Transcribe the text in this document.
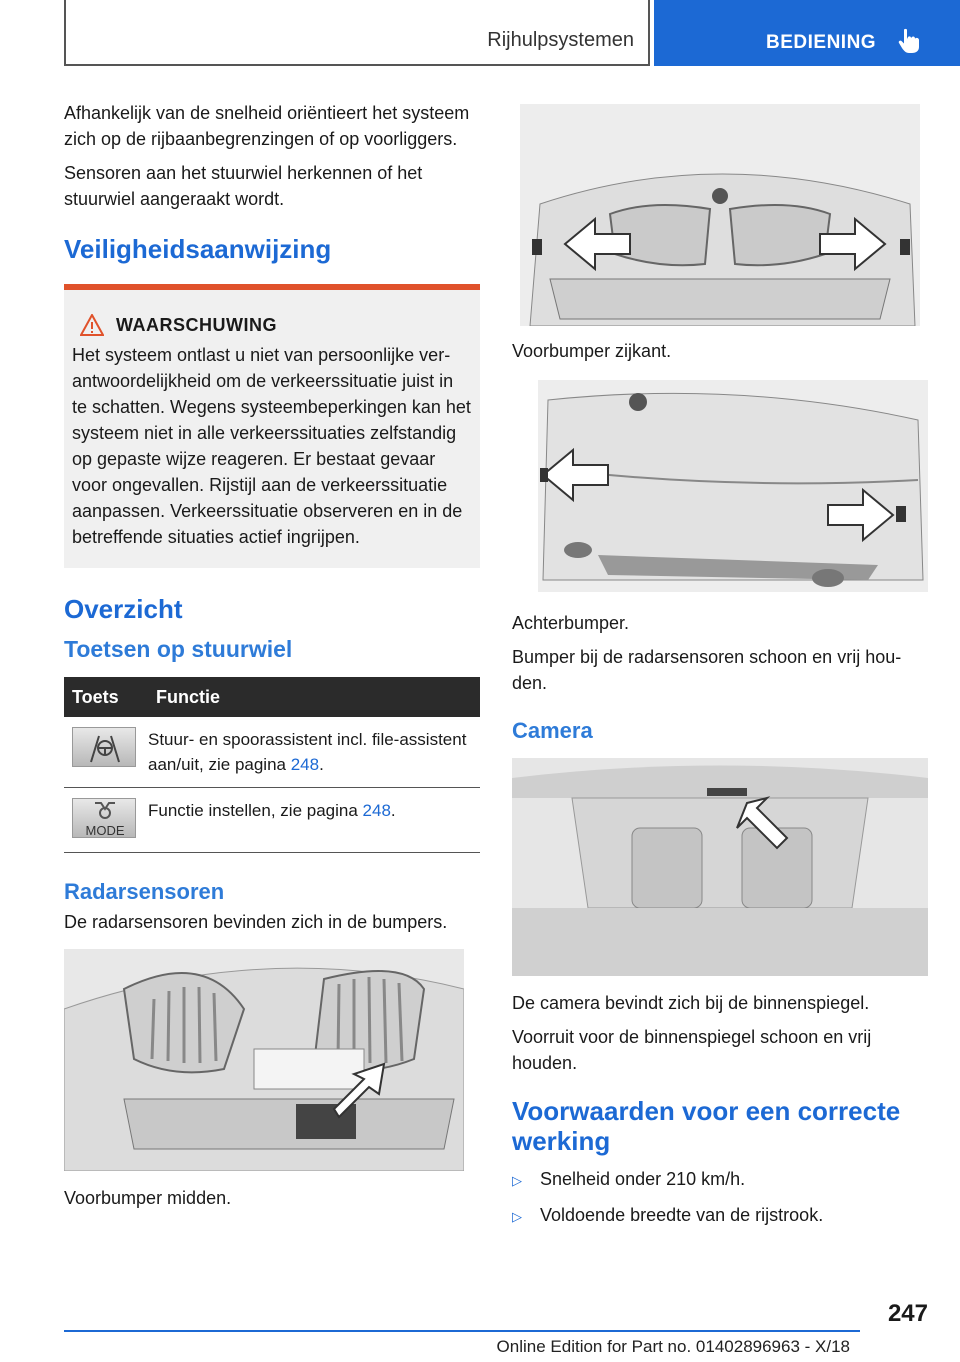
Rijhulpsystemen	BEDIENING

Afhankelijk van de snelheid oriëntieert het systeem zich op de rijbaanbegrenzingen of op voorliggers.

Sensoren aan het stuurwiel herkennen of het stuurwiel aangeraakt wordt.

Veiligheidsaanwijzing
WAARSCHUWING

Het systeem ontlast u niet van persoonlijke verantwoordelijkheid om de verkeerssituatie juist in te schatten. Wegens systeembeperkingen kan het systeem niet in alle verkeerssituaties zelfstandig op gepaste wijze reageren. Er bestaat gevaar voor ongevallen. Rijstijl aan de verkeerssituatie aanpassen. Verkeerssituatie observeren en in de betreffende situaties actief ingrijpen.

Overzicht
Toetsen op stuurwiel
Toets	Functie

	Stuur- en spoorassistent incl. file-assistent aan/uit, zie pagina 248.

MODE	Functie instellen, zie pagina 248.
Radarsensoren

De radarsensoren bevinden zich in de bumpers.

Voorbumper midden.

Voorbumper zijkant.

Achterbumper.

Bumper bij de radarsensoren schoon en vrij houden.

Camera

De camera bevindt zich bij de binnenspiegel.

Voorruit voor de binnenspiegel schoon en vrij houden.

Voorwaarden voor een correcte werking
▷	Snelheid onder 210 km/h.
▷	Voldoende breedte van de rijstrook.
247
Online Edition for Part no. 01402896963 - X/18
